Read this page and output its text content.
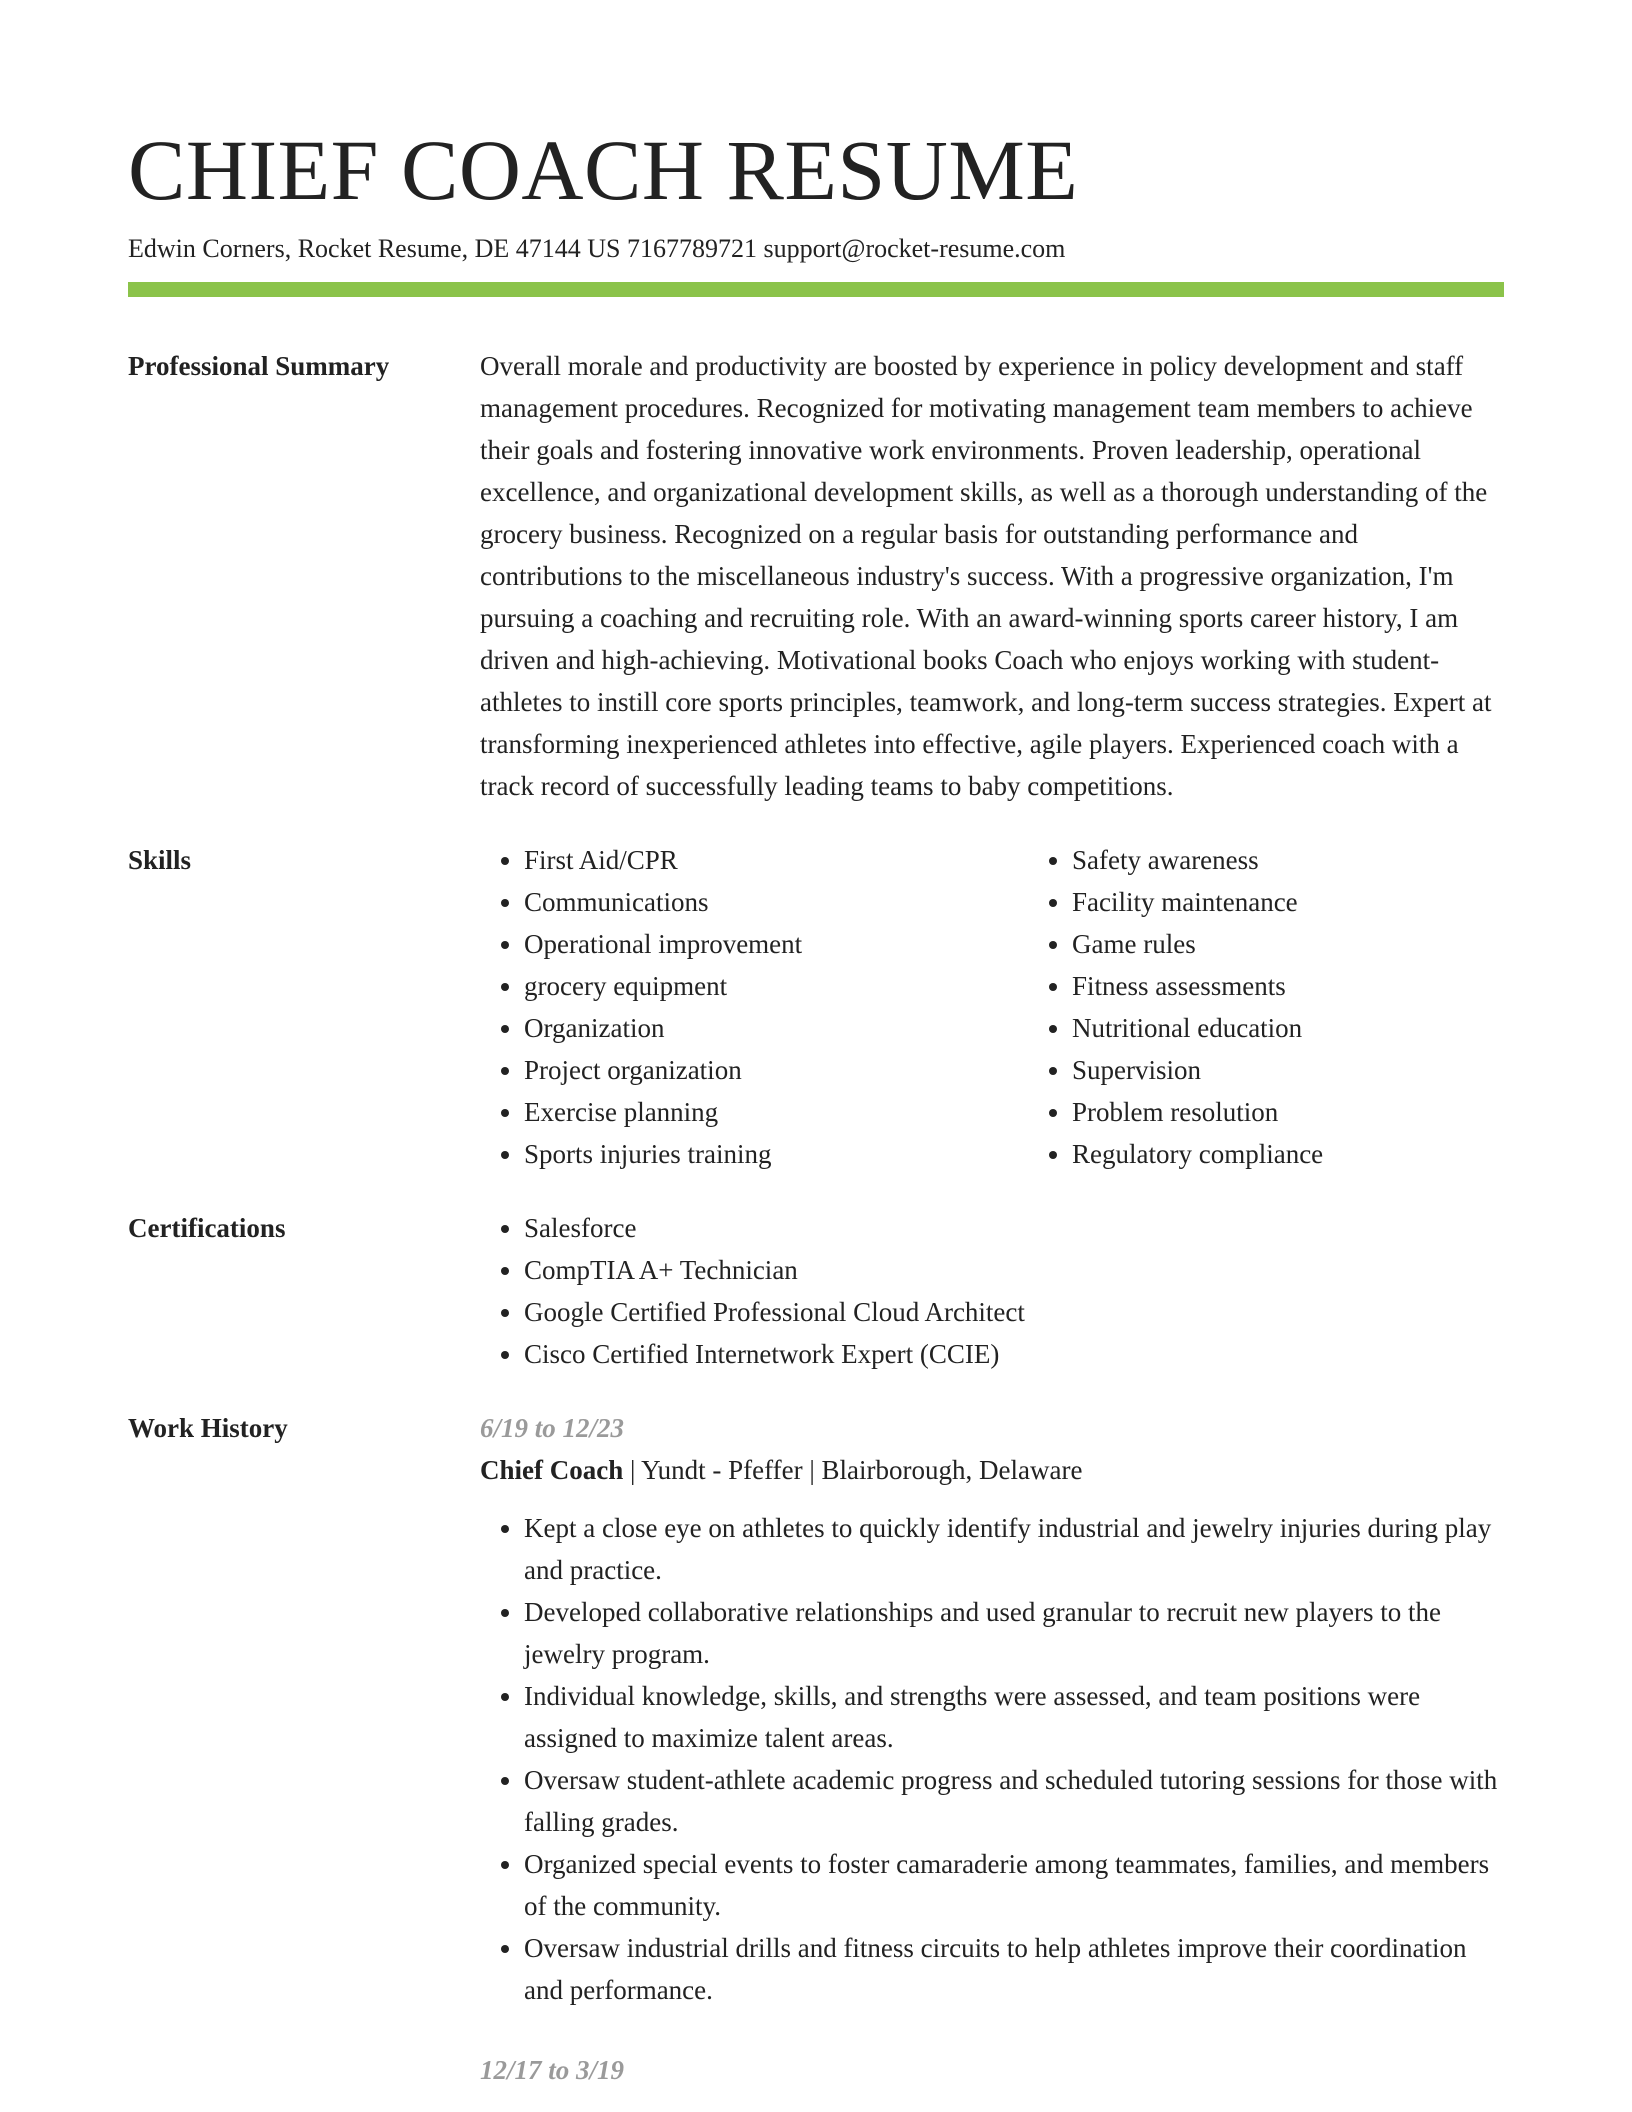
CHIEF COACH RESUME
Edwin Corners, Rocket Resume, DE 47144 US 7167789721 support@rocket-resume.com
Professional Summary	Overall morale and productivity are boosted by experience in policy development and staff management procedures. Recognized for motivating management team members to achieve their goals and fostering innovative work environments. Proven leadership, operational excellence, and organizational development skills, as well as a thorough understanding of the grocery business. Recognized on a regular basis for outstanding performance and contributions to the miscellaneous industry's success. With a progressive organization, I'm pursuing a coaching and recruiting role. With an award-winning sports career history, I am driven and high-achieving. Motivational books Coach who enjoys working with student-athletes to instill core sports principles, teamwork, and long-term success strategies. Expert at transforming inexperienced athletes into effective, agile players. Experienced coach with a track record of successfully leading teams to baby competitions.
Skills	• First Aid/CPR
• Communications
• Operational improvement
• grocery equipment
• Organization
• Project organization
• Exercise planning
• Sports injuries training
• Safety awareness
• Facility maintenance
• Game rules
• Fitness assessments
• Nutritional education
• Supervision
• Problem resolution
• Regulatory compliance
Certifications	• Salesforce
• CompTIA A+ Technician
• Google Certified Professional Cloud Architect
• Cisco Certified Internetwork Expert (CCIE)
Work History	6/19 to 12/23
Chief Coach | Yundt - Pfeffer | Blairborough, Delaware
• Kept a close eye on athletes to quickly identify industrial and jewelry injuries during play and practice.
• Developed collaborative relationships and used granular to recruit new players to the jewelry program.
• Individual knowledge, skills, and strengths were assessed, and team positions were assigned to maximize talent areas.
• Oversaw student-athlete academic progress and scheduled tutoring sessions for those with falling grades.
• Organized special events to foster camaraderie among teammates, families, and members of the community.
• Oversaw industrial drills and fitness circuits to help athletes improve their coordination and performance.
12/17 to 3/19
